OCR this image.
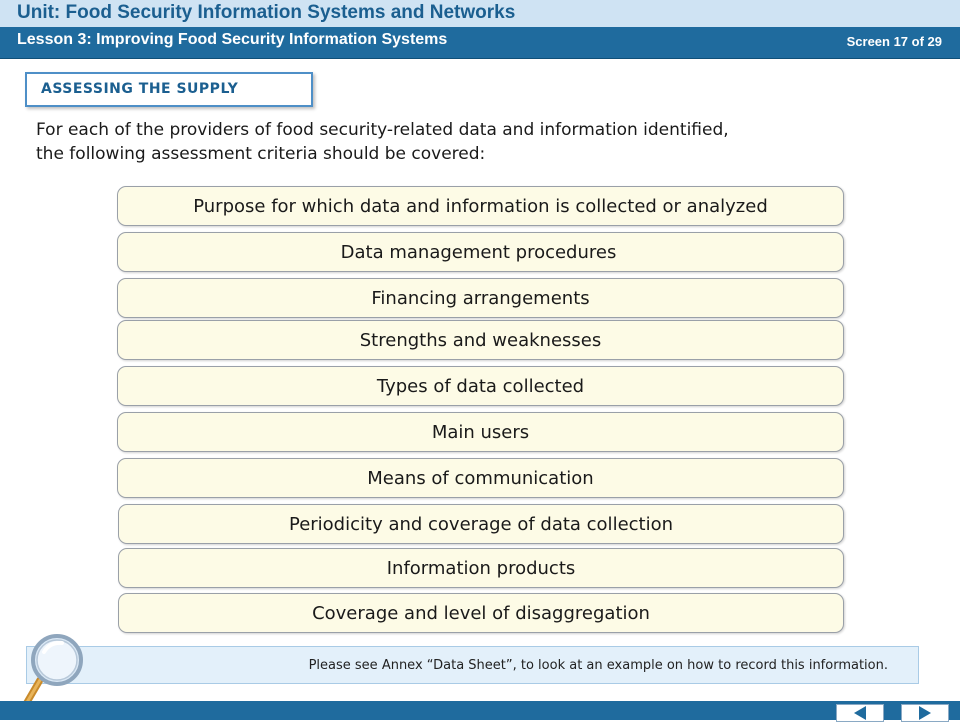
Unit: Food Security Information Systems and Networks
Lesson 3: Improving Food Security Information Systems	Screen 17 of 29
ASSESSING THE SUPPLY
For each of the providers of food security-related data and information identified,
the following assessment criteria should be covered:
Purpose for which data and information is collected or analyzed
Data management procedures
Financing arrangements
Strengths and weaknesses
Types of data collected
Main users
Means of communication
Periodicity and coverage of data collection
Information products
Coverage and level of disaggregation
Please see Annex “Data Sheet”, to look at an example on how to record this information.
